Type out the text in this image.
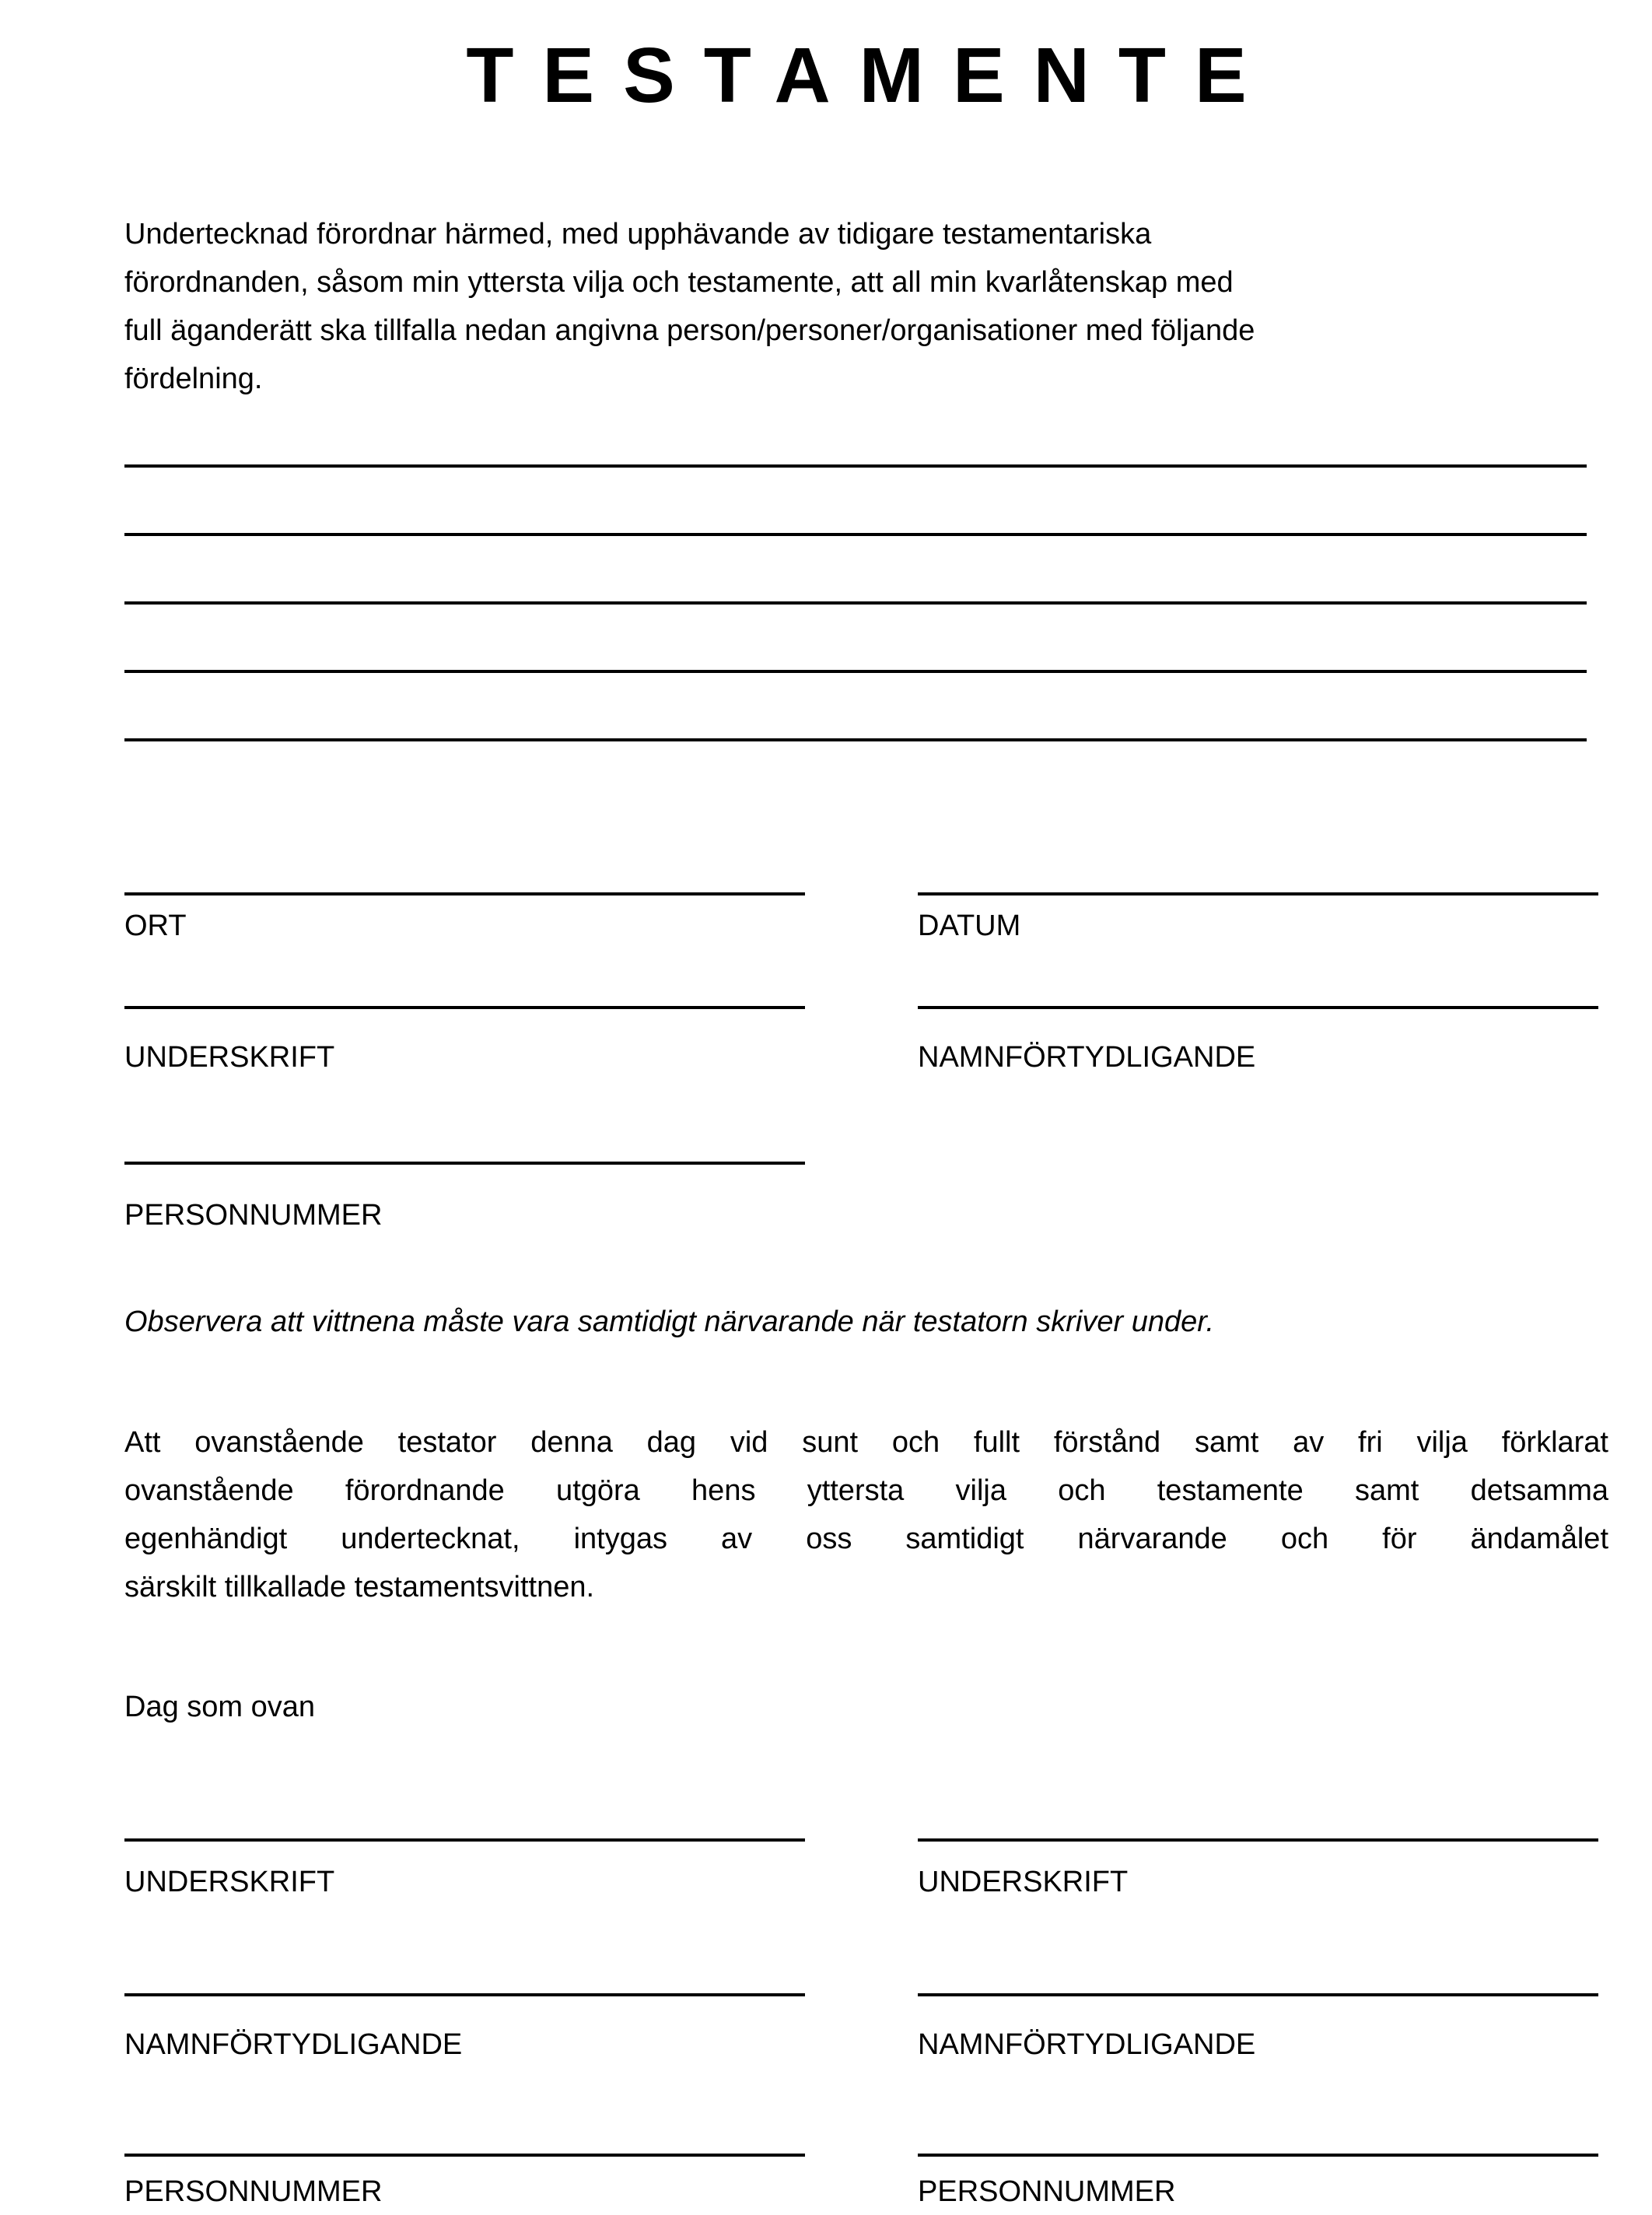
TESTAMENTE
Undertecknad förordnar härmed, med upphävande av tidigare testamentariska
förordnanden, såsom min yttersta vilja och testamente, att all min kvarlåtenskap med
full äganderätt ska tillfalla nedan angivna person/personer/organisationer med följande
fördelning.
ORT	DATUM
UNDERSKRIFT	NAMNFÖRTYDLIGANDE
PERSONNUMMER
Observera att vittnena måste vara samtidigt närvarande när testatorn skriver under.
Att ovanstående testator denna dag vid sunt och fullt förstånd samt av fri vilja förklarat
ovanstående förordnande utgöra hens yttersta vilja och testamente samt detsamma
egenhändigt undertecknat, intygas av oss samtidigt närvarande och för ändamålet
särskilt tillkallade testamentsvittnen.
Dag som ovan
UNDERSKRIFT	UNDERSKRIFT
NAMNFÖRTYDLIGANDE	NAMNFÖRTYDLIGANDE
PERSONNUMMER	PERSONNUMMER
